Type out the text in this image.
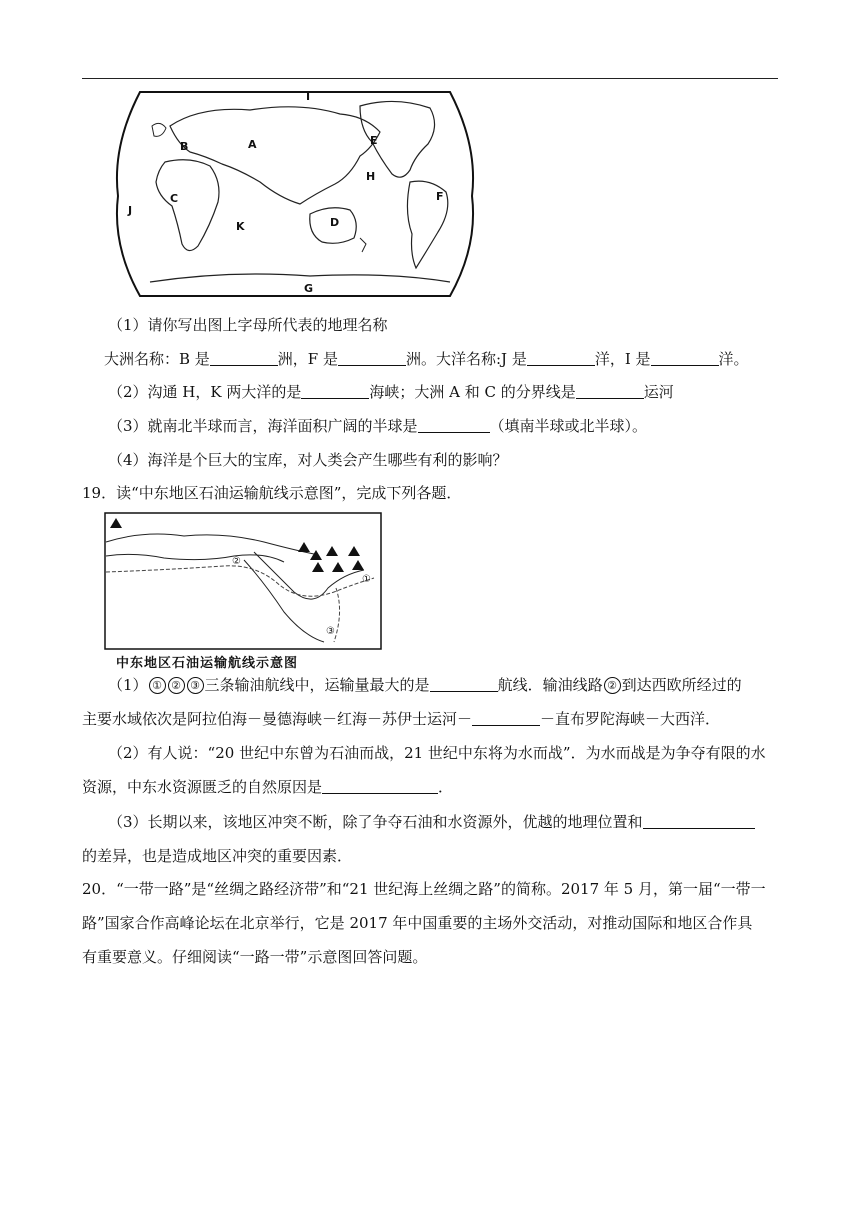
I
B	A	E
H
F
C
J
K	D
G
（1）请你写出图上字母所代表的地理名称
大洲名称：B 是	洲，F 是	洲。大洋名称:J 是	洋，I 是	洋。
（2）沟通 H，K 两大洋的是	海峡；大洲 A 和 C 的分界线是	运河
（3）就南北半球而言，海洋面积广阔的半球是	（填南半球或北半球）。
（4）海洋是个巨大的宝库，对人类会产生哪些有利的影响？
19．读“中东地区石油运输航线示意图”，完成下列各题．
①
②
③
中东地区石油运输航线示意图
（1） ① ② ③ 三条输油航线中，运输量最大的是	航线．输油线路 ② 到达西欧所经过的
主要水域依次是阿拉伯海－曼德海峡－红海－苏伊士运河－	－直布罗陀海峡－大西洋．
（2）有人说：“20 世纪中东曾为石油而战，21 世纪中东将为水而战”．为水而战是为争夺有限的水
资源，中东水资源匮乏的自然原因是	．
（3）长期以来，该地区冲突不断，除了争夺石油和水资源外，优越的地理位置和
的差异，也是造成地区冲突的重要因素．
20．“一带一路”是“丝绸之路经济带”和“21 世纪海上丝绸之路”的简称。2017 年 5 月，第一届“一带一
路”国家合作高峰论坛在北京举行，它是 2017 年中国重要的主场外交活动，对推动国际和地区合作具
有重要意义。仔细阅读“一路一带”示意图回答问题。
